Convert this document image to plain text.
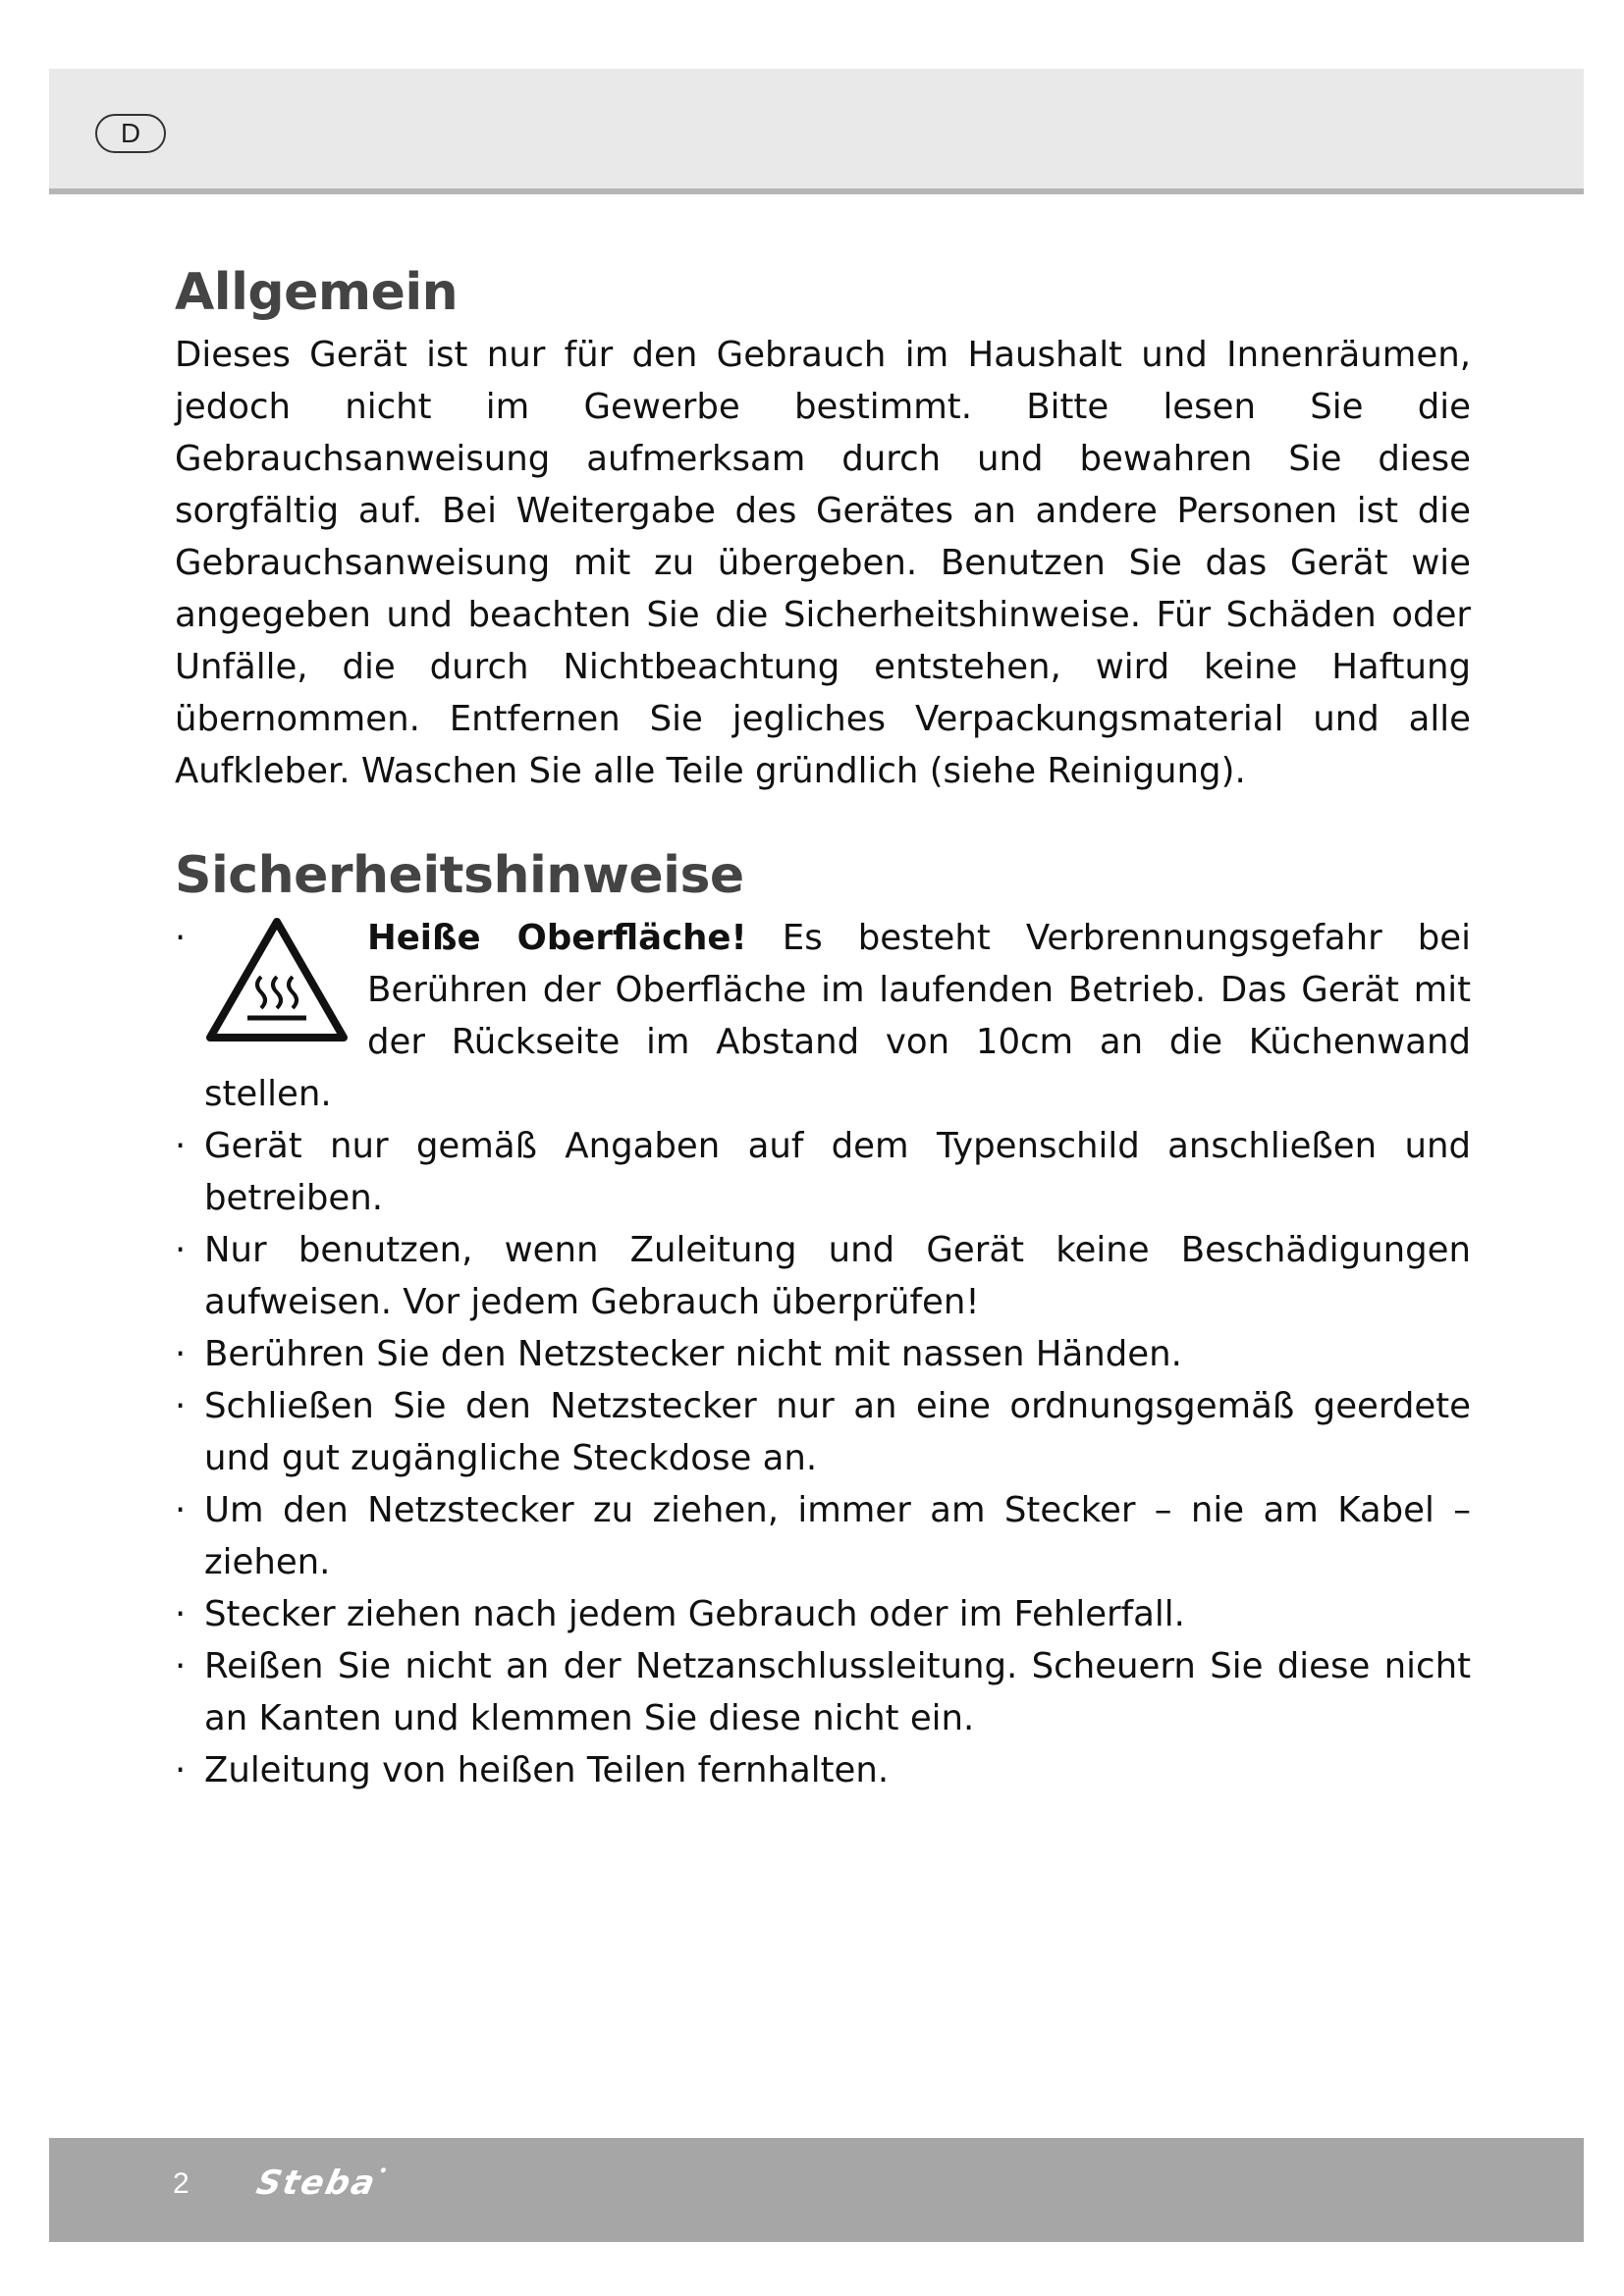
D
Allgemein

Dieses Gerät ist nur für den Gebrauch im Haushalt und Innenräumen, jedoch nicht im Gewerbe bestimmt. Bitte lesen Sie die Gebrauchsanweisung aufmerksam durch und bewahren Sie diese sorgfältig auf. Bei Weitergabe des Gerätes an andere Personen ist die Gebrauchsanweisung mit zu übergeben. Benutzen Sie das Gerät wie angegeben und beachten Sie die Sicherheitshinweise. Für Schäden oder Unfälle, die durch Nichtbeachtung entstehen, wird keine Haftung übernommen. Entfernen Sie jegliches Verpackungsmaterial und alle Aufkleber. Waschen Sie alle Teile gründlich (siehe Reinigung).

Sicherheitshinweise
·	Heiße Oberfläche! Es besteht Verbrennungsgefahr bei Berühren der Oberfläche im laufenden Betrieb. Das Gerät mit der Rückseite im Abstand von 10cm an die Küchenwand stellen.
· Gerät nur gemäß Angaben auf dem Typenschild anschließen und betreiben.
· Nur benutzen, wenn Zuleitung und Gerät keine Beschädigungen aufweisen. Vor jedem Gebrauch überprüfen!
· Berühren Sie den Netzstecker nicht mit nassen Händen.
· Schließen Sie den Netzstecker nur an eine ordnungsgemäß geerdete und gut zugängliche Steckdose an.
· Um den Netzstecker zu ziehen, immer am Stecker – nie am Kabel – ziehen.
· Stecker ziehen nach jedem Gebrauch oder im Fehlerfall.
· Reißen Sie nicht an der Netzanschlussleitung. Scheuern Sie diese nicht an Kanten und klemmen Sie diese nicht ein.
· Zuleitung von heißen Teilen fernhalten.
2 Steba•
